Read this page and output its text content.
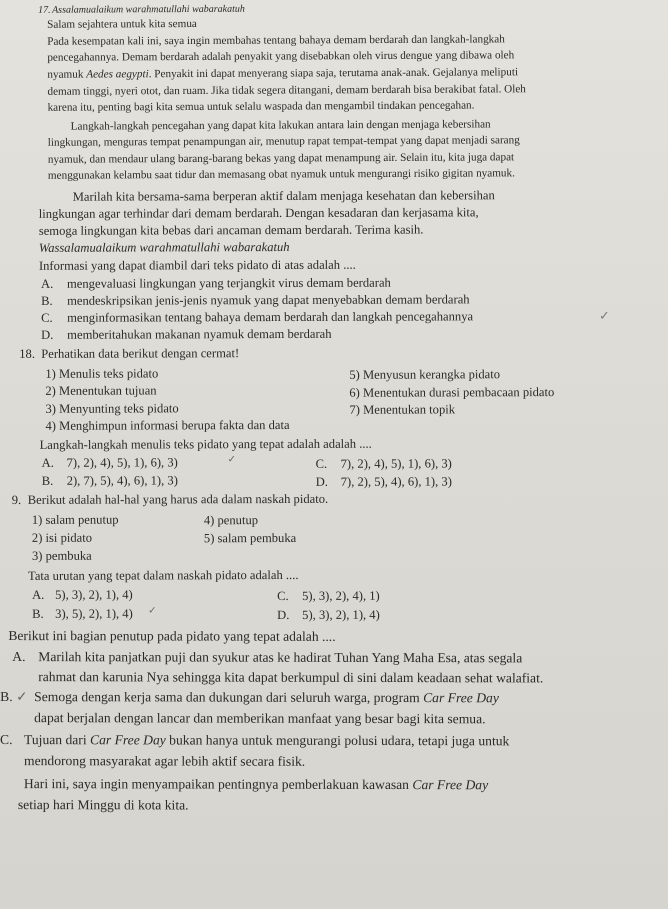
17. Assalamualaikum warahmatullahi wabarakatuh
Salam sejahtera untuk kita semua
Pada kesempatan kali ini, saya ingin membahas tentang bahaya demam berdarah dan langkah-langkah
pencegahannya. Demam berdarah adalah penyakit yang disebabkan oleh virus dengue yang dibawa oleh
nyamuk Aedes aegypti. Penyakit ini dapat menyerang siapa saja, terutama anak-anak. Gejalanya meliputi
demam tinggi, nyeri otot, dan ruam. Jika tidak segera ditangani, demam berdarah bisa berakibat fatal. Oleh
karena itu, penting bagi kita semua untuk selalu waspada dan mengambil tindakan pencegahan.
Langkah-langkah pencegahan yang dapat kita lakukan antara lain dengan menjaga kebersihan
lingkungan, menguras tempat penampungan air, menutup rapat tempat-tempat yang dapat menjadi sarang
nyamuk, dan mendaur ulang barang-barang bekas yang dapat menampung air. Selain itu, kita juga dapat
menggunakan kelambu saat tidur dan memasang obat nyamuk untuk mengurangi risiko gigitan nyamuk.
Marilah kita bersama-sama berperan aktif dalam menjaga kesehatan dan kebersihan
lingkungan agar terhindar dari demam berdarah. Dengan kesadaran dan kerjasama kita,
semoga lingkungan kita bebas dari ancaman demam berdarah. Terima kasih.
Wassalamualaikum warahmatullahi wabarakatuh
Informasi yang dapat diambil dari teks pidato di atas adalah ....
A. mengevaluasi lingkungan yang terjangkit virus demam berdarah
B. mendeskripsikan jenis-jenis nyamuk yang dapat menyebabkan demam berdarah
C. menginformasikan tentang bahaya demam berdarah dan langkah pencegahannya	✓
D. memberitahukan makanan nyamuk demam berdarah
18. Perhatikan data berikut dengan cermat!
1) Menulis teks pidato	5) Menyusun kerangka pidato
2) Menentukan tujuan	6) Menentukan durasi pembacaan pidato
3) Menyunting teks pidato	7) Menentukan topik
4) Menghimpun informasi berupa fakta dan data
Langkah-langkah menulis teks pidato yang tepat adalah adalah ....
A. 7), 2), 4), 5), 1), 6), 3)	✓	C. 7), 2), 4), 5), 1), 6), 3)
B. 2), 7), 5), 4), 6), 1), 3)	D. 7), 2), 5), 4), 6), 1), 3)
9. Berikut adalah hal-hal yang harus ada dalam naskah pidato.
1) salam penutup	4) penutup
2) isi pidato	5) salam pembuka
3) pembuka
Tata urutan yang tepat dalam naskah pidato adalah ....
A. 5), 3), 2), 1), 4)	C. 5), 3), 2), 4), 1)
B. 3), 5), 2), 1), 4) ✓	D. 5), 3), 2), 1), 4)
Berikut ini bagian penutup pada pidato yang tepat adalah ....
A. Marilah kita panjatkan puji dan syukur atas ke hadirat Tuhan Yang Maha Esa, atas segala
rahmat dan karunia Nya sehingga kita dapat berkumpul di sini dalam keadaan sehat walafiat.
B. ✓ Semoga dengan kerja sama dan dukungan dari seluruh warga, program Car Free Day
dapat berjalan dengan lancar dan memberikan manfaat yang besar bagi kita semua.
C. Tujuan dari Car Free Day bukan hanya untuk mengurangi polusi udara, tetapi juga untuk
mendorong masyarakat agar lebih aktif secara fisik.
Hari ini, saya ingin menyampaikan pentingnya pemberlakuan kawasan Car Free Day
setiap hari Minggu di kota kita.
